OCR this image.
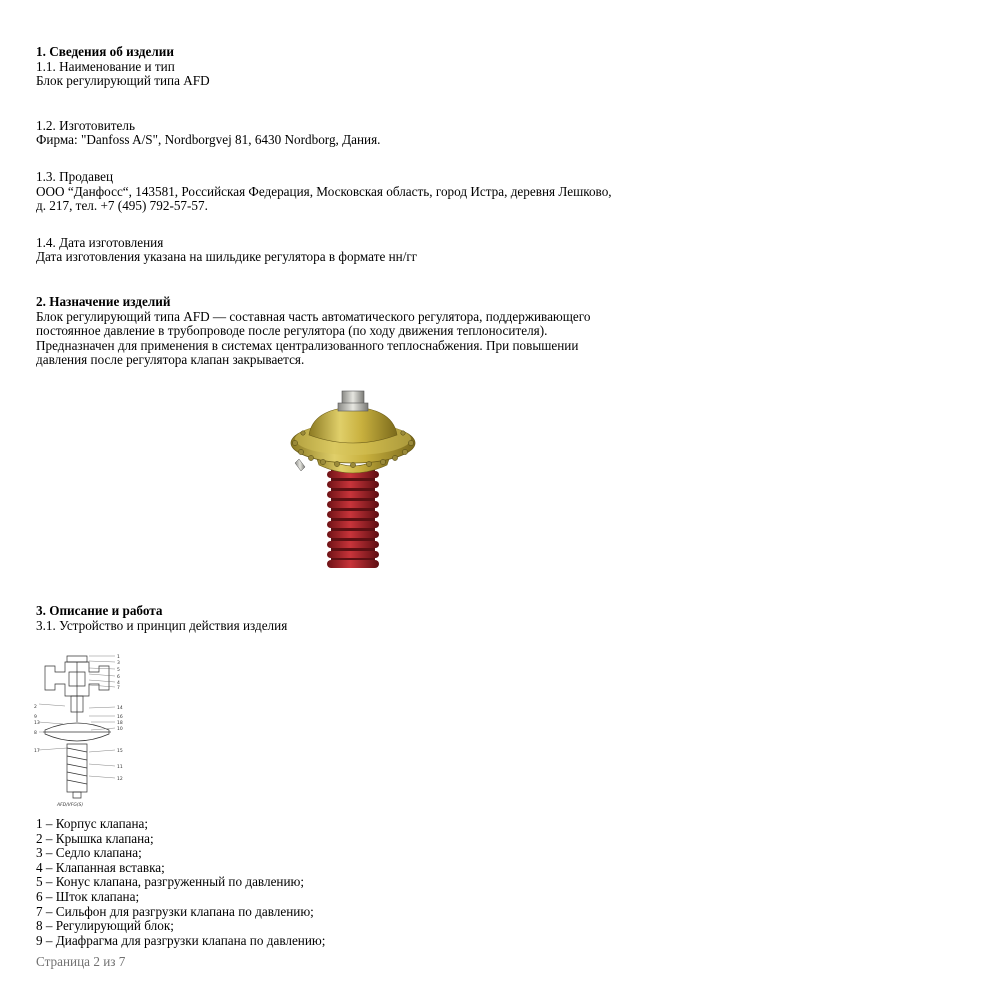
1. Сведения об изделии
1.1. Наименование и тип
Блок регулирующий типа AFD
1.2. Изготовитель
Фирма: "Danfoss A/S", Nordborgvej 81, 6430 Nordborg, Дания.
1.3. Продавец
ООО “Данфосс“, 143581, Российская Федерация, Московская область, город Истра, деревня Лешково,
д. 217, тел. +7 (495) 792-57-57.
1.4. Дата изготовления
Дата изготовления указана на шильдике регулятора в формате нн/гг
2. Назначение изделий
Блок регулирующий типа AFD — составная часть автоматического регулятора, поддерживающего
постоянное давление в трубопроводе после регулятора (по ходу движения теплоносителя).
Предназначен для применения в системах централизованного теплоснабжения. При повышении
давления после регулятора клапан закрывается.
3. Описание и работа
3.1. Устройство и принцип действия изделия
1
3
5
6
4
7
2	14
13
16
8
18
10
17	15
11
12
9
AFD/VFG(S)
1 – Корпус клапана;
2 – Крышка клапана;
3 – Седло клапана;
4 – Клапанная вставка;
5 – Конус клапана, разгруженный по давлению;
6 – Шток клапана;
7 – Сильфон для разгрузки клапана по давлению;
8 – Регулирующий блок;
9 – Диафрагма для разгрузки клапана по давлению;
Страница 2 из 7
